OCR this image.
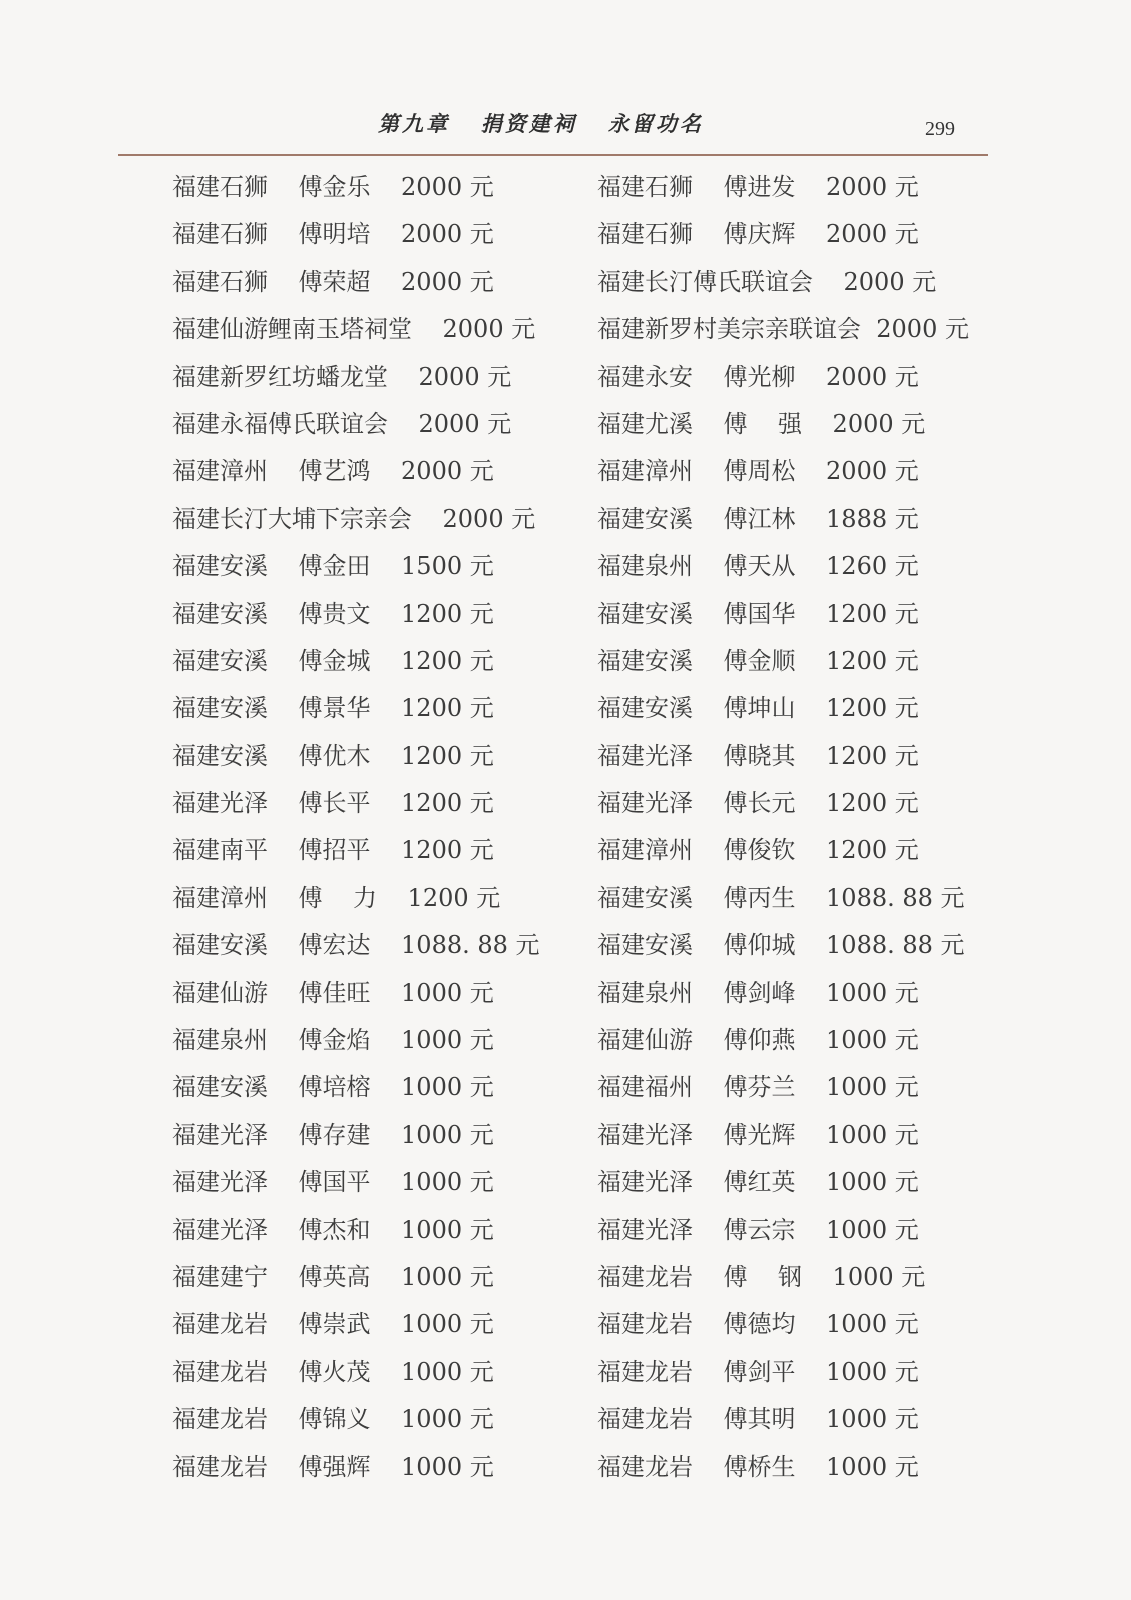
第九章   捐资建祠   永留功名	299
福建石狮    傅金乐    2000 元
福建石狮    傅明培    2000 元
福建石狮    傅荣超    2000 元
福建仙游鲤南玉塔祠堂    2000 元
福建新罗红坊蟠龙堂    2000 元
福建永福傅氏联谊会    2000 元
福建漳州    傅艺鸿    2000 元
福建长汀大埔下宗亲会    2000 元
福建安溪    傅金田    1500 元
福建安溪    傅贵文    1200 元
福建安溪    傅金城    1200 元
福建安溪    傅景华    1200 元
福建安溪    傅优木    1200 元
福建光泽    傅长平    1200 元
福建南平    傅招平    1200 元
福建漳州    傅    力    1200 元
福建安溪    傅宏达    1088. 88 元
福建仙游    傅佳旺    1000 元
福建泉州    傅金焰    1000 元
福建安溪    傅培榕    1000 元
福建光泽    傅存建    1000 元
福建光泽    傅国平    1000 元
福建光泽    傅杰和    1000 元
福建建宁    傅英高    1000 元
福建龙岩    傅崇武    1000 元
福建龙岩    傅火茂    1000 元
福建龙岩    傅锦义    1000 元
福建龙岩    傅强辉    1000 元
福建石狮    傅进发    2000 元
福建石狮    傅庆辉    2000 元
福建长汀傅氏联谊会    2000 元
福建新罗村美宗亲联谊会  2000 元
福建永安    傅光柳    2000 元
福建尤溪    傅    强    2000 元
福建漳州    傅周松    2000 元
福建安溪    傅江林    1888 元
福建泉州    傅天从    1260 元
福建安溪    傅国华    1200 元
福建安溪    傅金顺    1200 元
福建安溪    傅坤山    1200 元
福建光泽    傅晓其    1200 元
福建光泽    傅长元    1200 元
福建漳州    傅俊钦    1200 元
福建安溪    傅丙生    1088. 88 元
福建安溪    傅仰城    1088. 88 元
福建泉州    傅剑峰    1000 元
福建仙游    傅仰燕    1000 元
福建福州    傅芬兰    1000 元
福建光泽    傅光辉    1000 元
福建光泽    傅红英    1000 元
福建光泽    傅云宗    1000 元
福建龙岩    傅    钢    1000 元
福建龙岩    傅德均    1000 元
福建龙岩    傅剑平    1000 元
福建龙岩    傅其明    1000 元
福建龙岩    傅桥生    1000 元
